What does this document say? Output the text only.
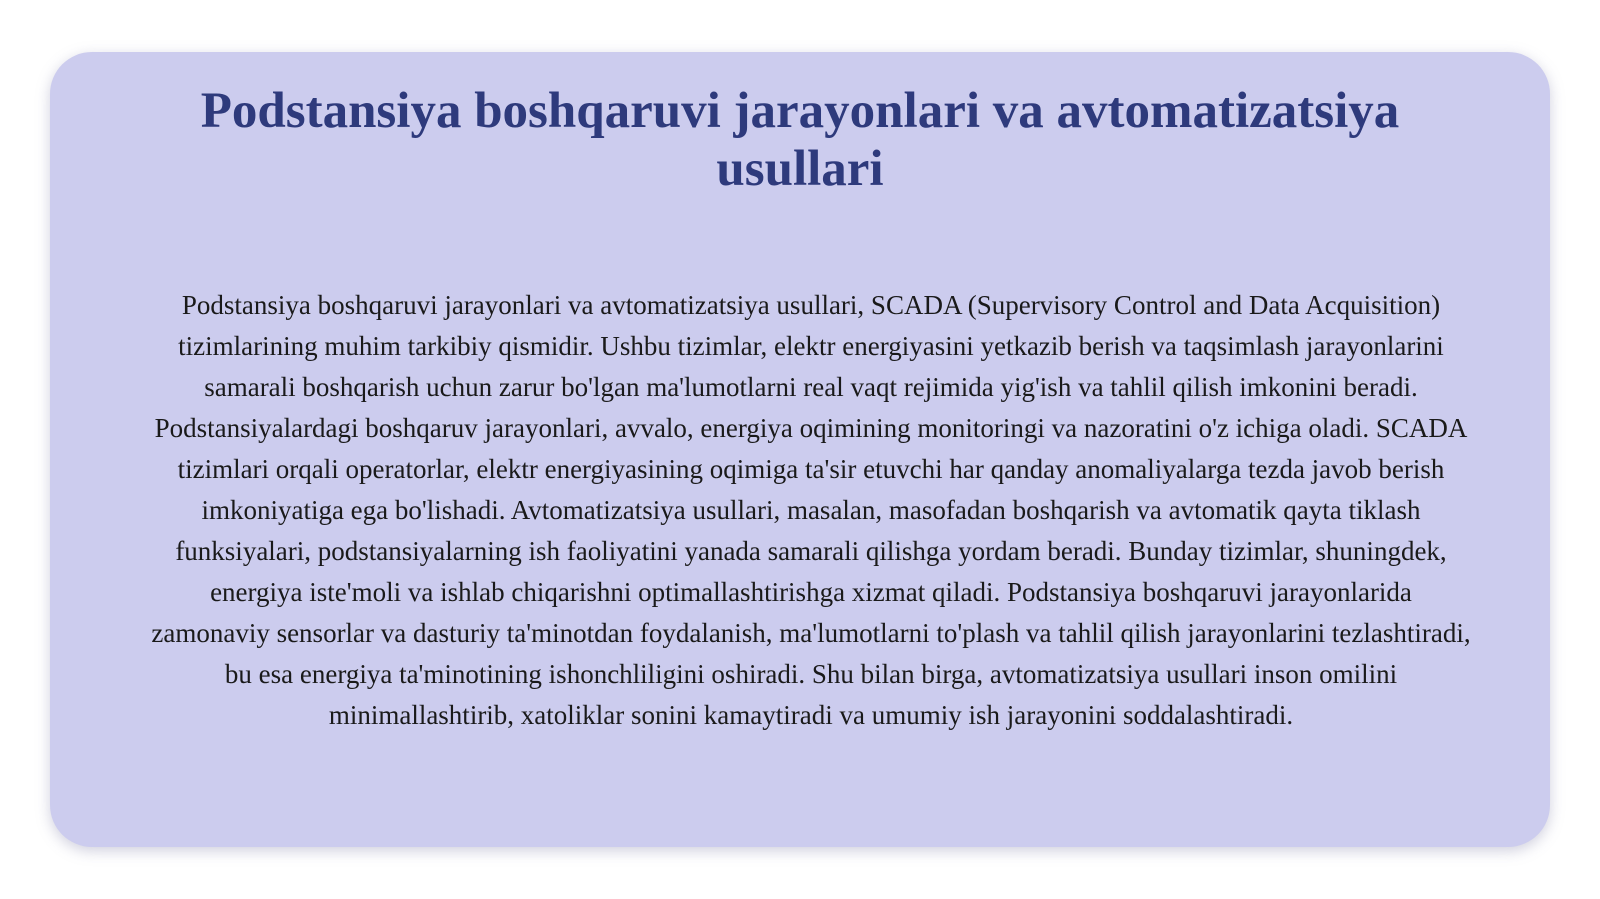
Podstansiya boshqaruvi jarayonlari va avtomatizatsiya usullari

Podstansiya boshqaruvi jarayonlari va avtomatizatsiya usullari, SCADA (Supervisory Control and Data Acquisition) tizimlarining muhim tarkibiy qismidir. Ushbu tizimlar, elektr energiyasini yetkazib berish va taqsimlash jarayonlarini samarali boshqarish uchun zarur bo'lgan ma'lumotlarni real vaqt rejimida yig'ish va tahlil qilish imkonini beradi. Podstansiyalardagi boshqaruv jarayonlari, avvalo, energiya oqimining monitoringi va nazoratini o'z ichiga oladi. SCADA tizimlari orqali operatorlar, elektr energiyasining oqimiga ta'sir etuvchi har qanday anomaliyalarga tezda javob berish imkoniyatiga ega bo'lishadi. Avtomatizatsiya usullari, masalan, masofadan boshqarish va avtomatik qayta tiklash funksiyalari, podstansiyalarning ish faoliyatini yanada samarali qilishga yordam beradi. Bunday tizimlar, shuningdek, energiya iste'moli va ishlab chiqarishni optimallashtirishga xizmat qiladi. Podstansiya boshqaruvi jarayonlarida zamonaviy sensorlar va dasturiy ta'minotdan foydalanish, ma'lumotlarni to'plash va tahlil qilish jarayonlarini tezlashtiradi, bu esa energiya ta'minotining ishonchliligini oshiradi. Shu bilan birga, avtomatizatsiya usullari inson omilini minimallashtirib, xatoliklar sonini kamaytiradi va umumiy ish jarayonini soddalashtiradi.
